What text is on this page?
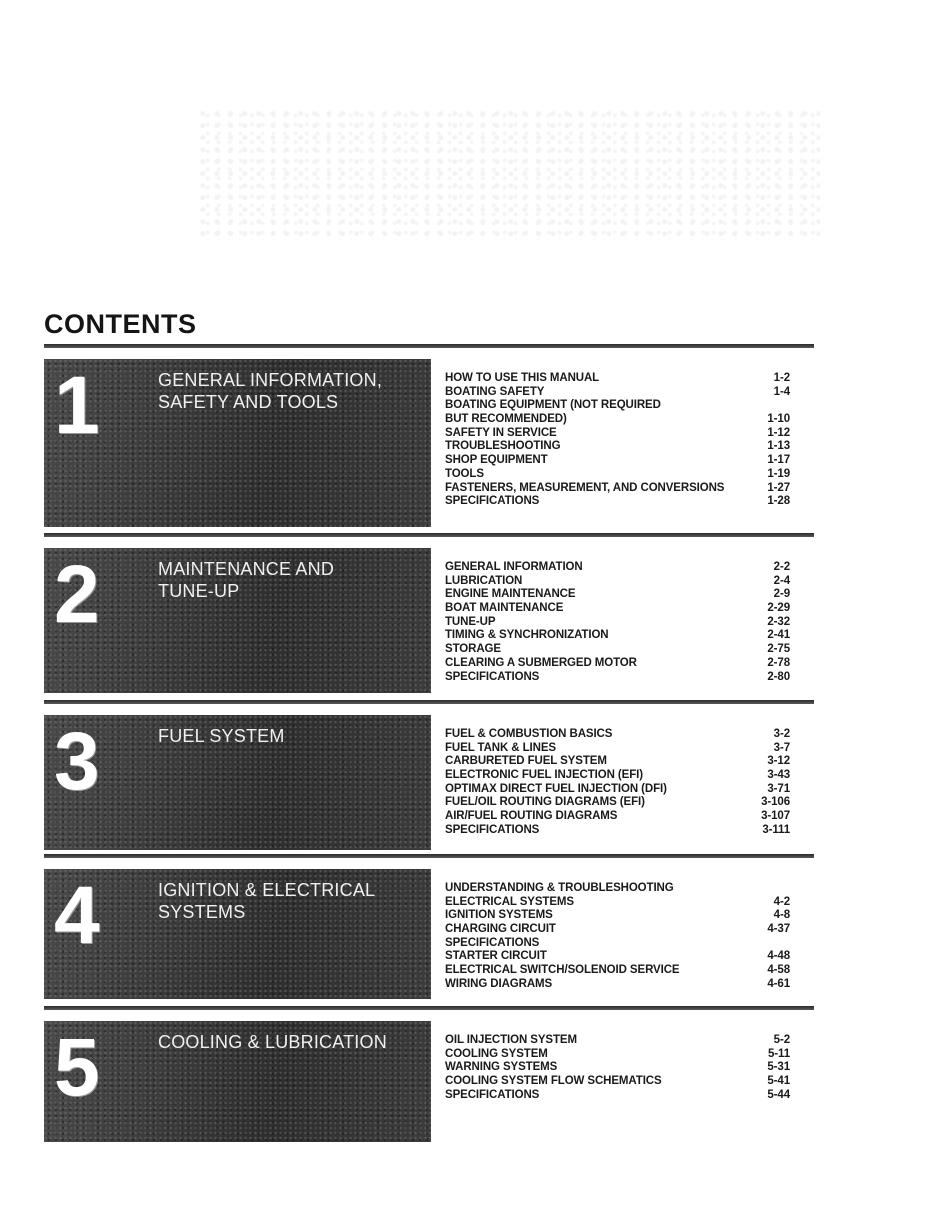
CONTENTS
1	GENERAL INFORMATION,
SAFETY AND TOOLS
HOW TO USE THIS MANUAL	1-2
BOATING SAFETY	1-4
BOATING EQUIPMENT (NOT REQUIRED
BUT RECOMMENDED)	1-10
SAFETY IN SERVICE	1-12
TROUBLESHOOTING	1-13
SHOP EQUIPMENT	1-17
TOOLS	1-19
FASTENERS, MEASUREMENT, AND CONVERSIONS	1-27
SPECIFICATIONS	1-28
2	MAINTENANCE AND
TUNE-UP
GENERAL INFORMATION	2-2
LUBRICATION	2-4
ENGINE MAINTENANCE	2-9
BOAT MAINTENANCE	2-29
TUNE-UP	2-32
TIMING & SYNCHRONIZATION	2-41
STORAGE	2-75
CLEARING A SUBMERGED MOTOR	2-78
SPECIFICATIONS	2-80
3	FUEL SYSTEM	FUEL & COMBUSTION BASICS	3-2
FUEL TANK & LINES	3-7
CARBURETED FUEL SYSTEM	3-12
ELECTRONIC FUEL INJECTION (EFI)	3-43
OPTIMAX DIRECT FUEL INJECTION (DFI)	3-71
FUEL/OIL ROUTING DIAGRAMS (EFI)	3-106
AIR/FUEL ROUTING DIAGRAMS	3-107
SPECIFICATIONS	3-111
4	IGNITION & ELECTRICAL
SYSTEMS
UNDERSTANDING & TROUBLESHOOTING
ELECTRICAL SYSTEMS	4-2
IGNITION SYSTEMS	4-8
CHARGING CIRCUIT	4-37
SPECIFICATIONS
STARTER CIRCUIT	4-48
ELECTRICAL SWITCH/SOLENOID SERVICE	4-58
WIRING DIAGRAMS	4-61
5	COOLING & LUBRICATION	OIL INJECTION SYSTEM	5-2
COOLING SYSTEM	5-11
WARNING SYSTEMS	5-31
COOLING SYSTEM FLOW SCHEMATICS	5-41
SPECIFICATIONS	5-44
